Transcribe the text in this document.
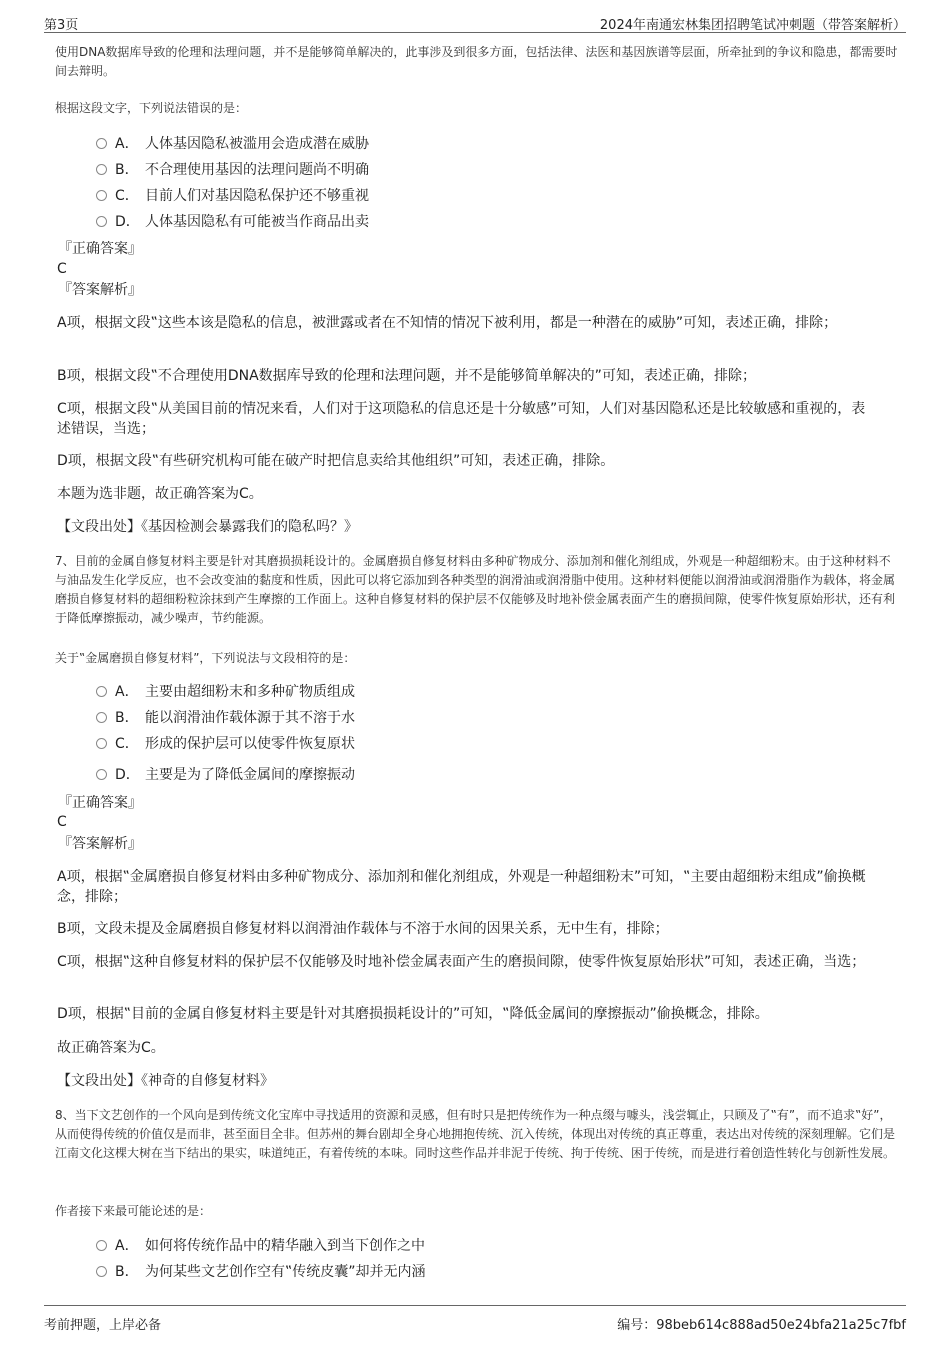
第3页	2024年南通宏林集团招聘笔试冲刺题（带答案解析）
使用DNA数据库导致的伦理和法理问题，并不是能够简单解决的，此事涉及到很多方面，包括法律、法医和基因族谱等层面，所牵扯到的争议和隐患，都需要时间去辩明。
根据这段文字，下列说法错误的是：
A． 人体基因隐私被滥用会造成潜在威胁
B． 不合理使用基因的法理问题尚不明确
C． 目前人们对基因隐私保护还不够重视
D． 人体基因隐私有可能被当作商品出卖
『正确答案』
C
『答案解析』
A项，根据文段‟这些本该是隐私的信息，被泄露或者在不知情的情况下被利用，都是一种潜在的威胁”可知，表述正确，排除；
B项，根据文段‟不合理使用DNA数据库导致的伦理和法理问题，并不是能够简单解决的”可知，表述正确，排除；
C项，根据文段‟从美国目前的情况来看，人们对于这项隐私的信息还是十分敏感”可知，人们对基因隐私还是比较敏感和重视的，表述错误，当选；
D项，根据文段‟有些研究机构可能在破产时把信息卖给其他组织”可知，表述正确，排除。
本题为选非题，故正确答案为C。
【文段出处】《基因检测会暴露我们的隐私吗？》
7、目前的金属自修复材料主要是针对其磨损损耗设计的。金属磨损自修复材料由多种矿物成分、添加剂和催化剂组成，外观是一种超细粉末。由于这种材料不与油品发生化学反应，也不会改变油的黏度和性质，因此可以将它添加到各种类型的润滑油或润滑脂中使用。这种材料便能以润滑油或润滑脂作为载体，将金属磨损自修复材料的超细粉粒涂抹到产生摩擦的工作面上。这种自修复材料的保护层不仅能够及时地补偿金属表面产生的磨损间隙，使零件恢复原始形状，还有利于降低摩擦振动，减少噪声，节约能源。
关于‟金属磨损自修复材料”，下列说法与文段相符的是：
A． 主要由超细粉末和多种矿物质组成
B． 能以润滑油作载体源于其不溶于水
C． 形成的保护层可以使零件恢复原状
D． 主要是为了降低金属间的摩擦振动
『正确答案』
C
『答案解析』
A项，根据‟金属磨损自修复材料由多种矿物成分、添加剂和催化剂组成，外观是一种超细粉末”可知，‟主要由超细粉末组成”偷换概念，排除；
B项，文段未提及金属磨损自修复材料以润滑油作载体与不溶于水间的因果关系，无中生有，排除；
C项，根据‟这种自修复材料的保护层不仅能够及时地补偿金属表面产生的磨损间隙，使零件恢复原始形状”可知，表述正确，当选；
D项，根据‟目前的金属自修复材料主要是针对其磨损损耗设计的”可知，‟降低金属间的摩擦振动”偷换概念，排除。
故正确答案为C。
【文段出处】《神奇的自修复材料》
8、当下文艺创作的一个风向是到传统文化宝库中寻找适用的资源和灵感，但有时只是把传统作为一种点缀与噱头，浅尝辄止，只顾及了‟有”，而不追求‟好”，从而使得传统的价值仅是而非，甚至面目全非。但苏州的舞台剧却全身心地拥抱传统、沉入传统，体现出对传统的真正尊重，表达出对传统的深刻理解。它们是江南文化这棵大树在当下结出的果实，味道纯正，有着传统的本味。同时这些作品并非泥于传统、拘于传统、困于传统，而是进行着创造性转化与创新性发展。
作者接下来最可能论述的是：
A． 如何将传统作品中的精华融入到当下创作之中
B． 为何某些文艺创作空有‟传统皮囊”却并无内涵
考前押题，上岸必备	编号：98beb614c888ad50e24bfa21a25c7fbf
